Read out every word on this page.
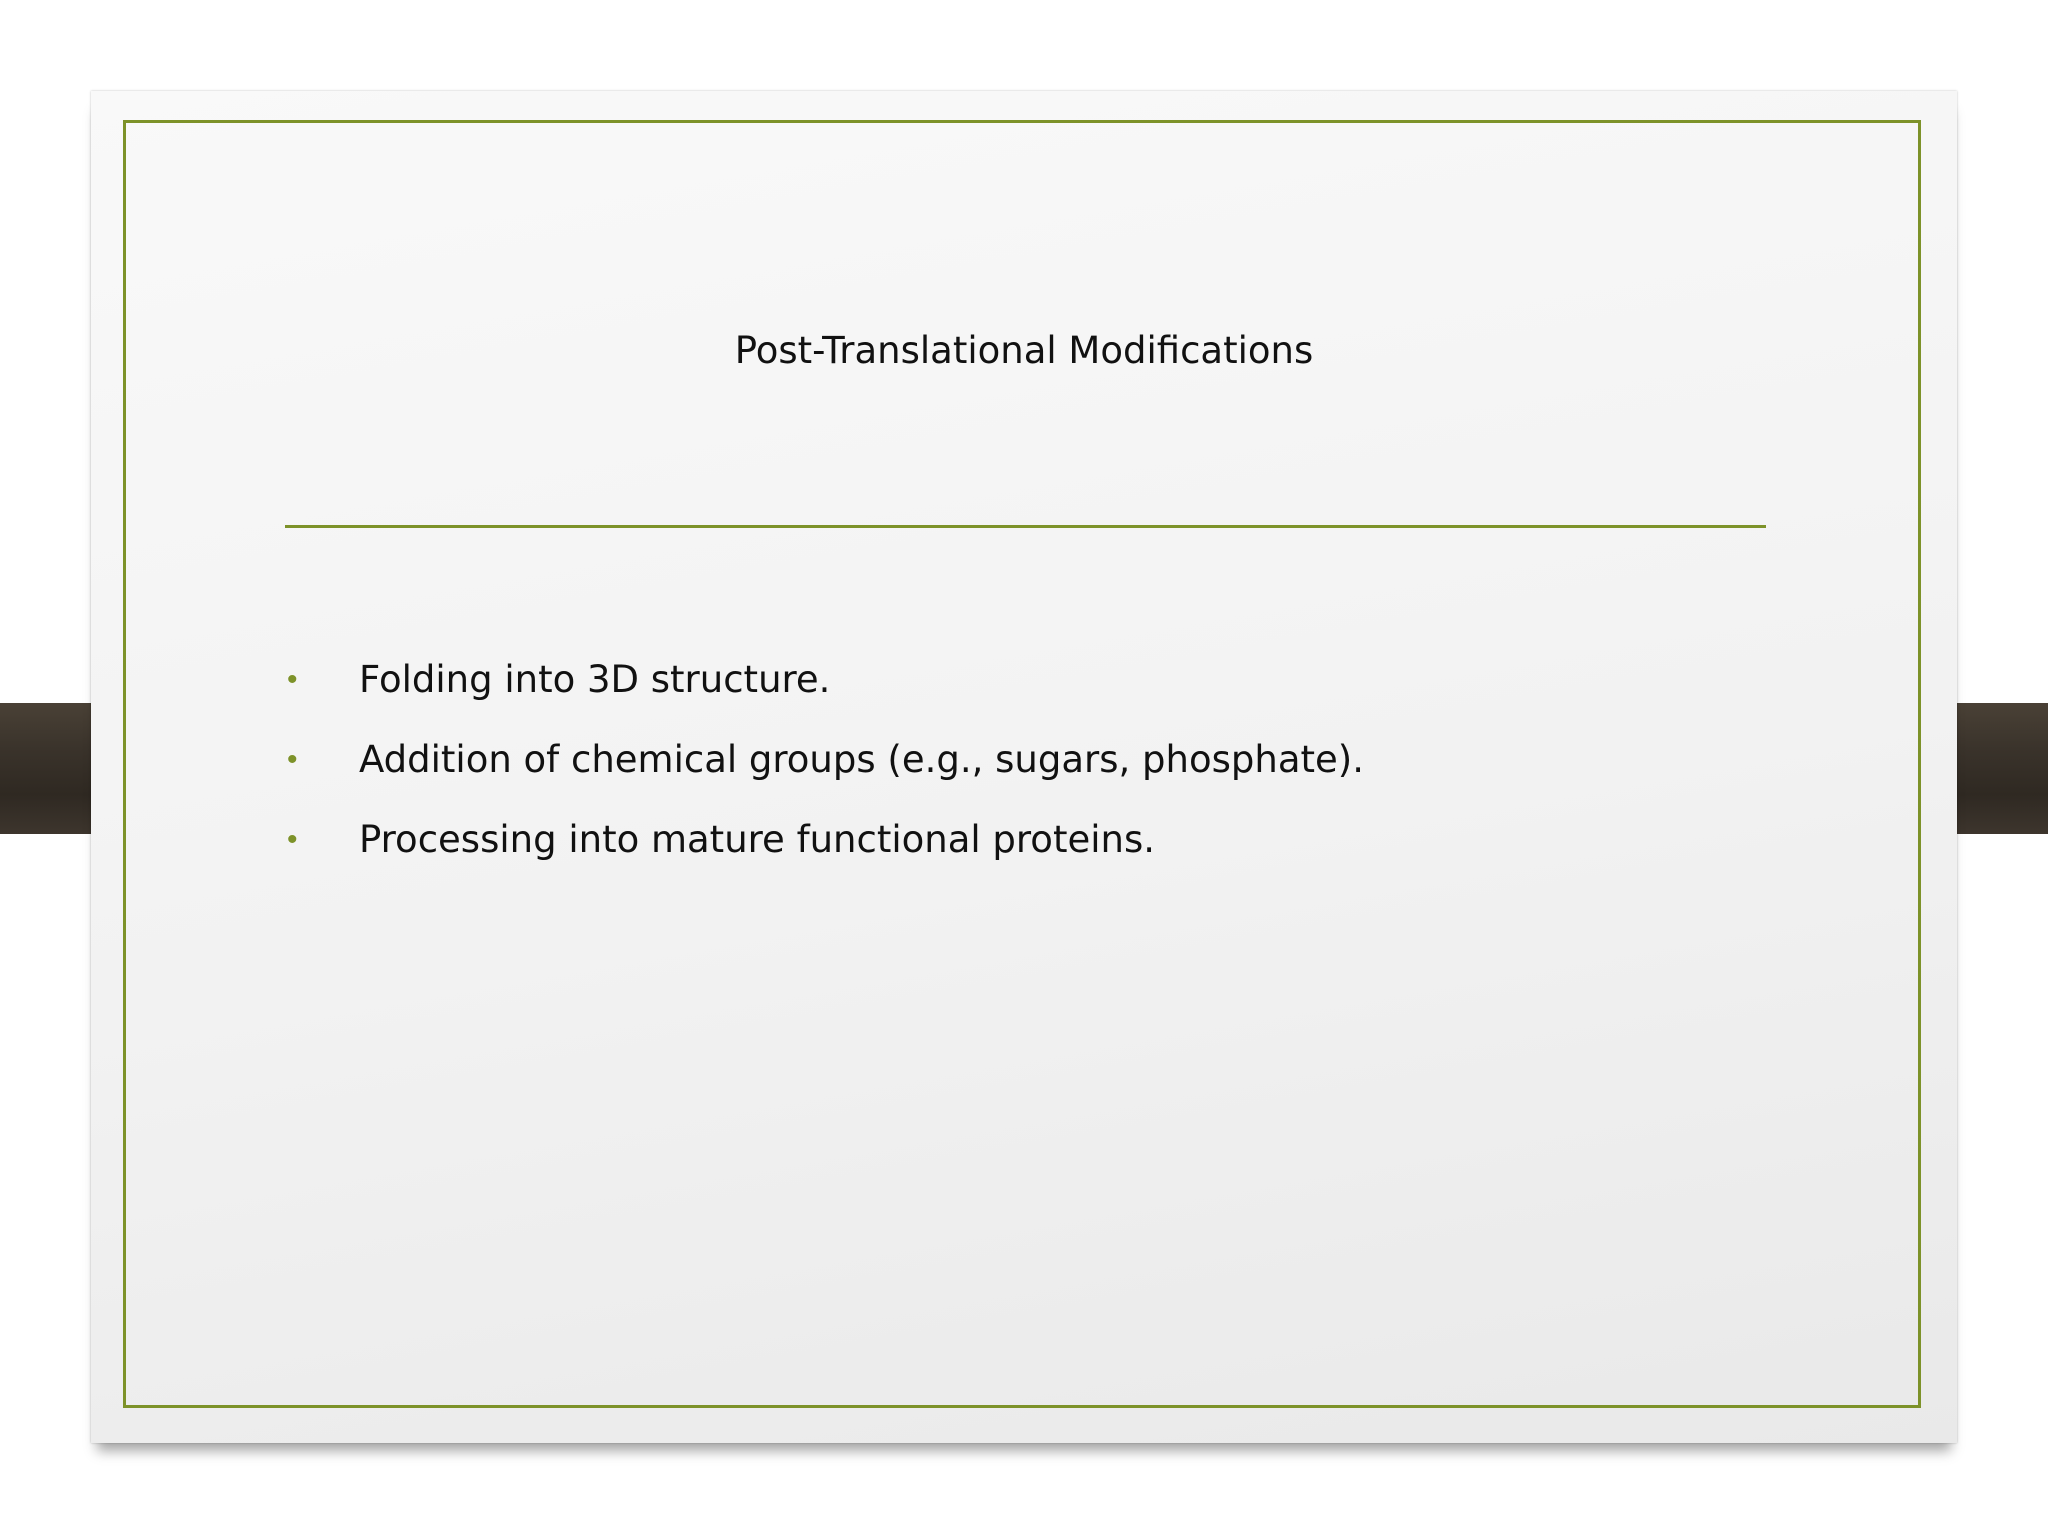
Post-Translational Modifications
•	Folding into 3D structure.
•	Addition of chemical groups (e.g., sugars, phosphate).
•	Processing into mature functional proteins.
